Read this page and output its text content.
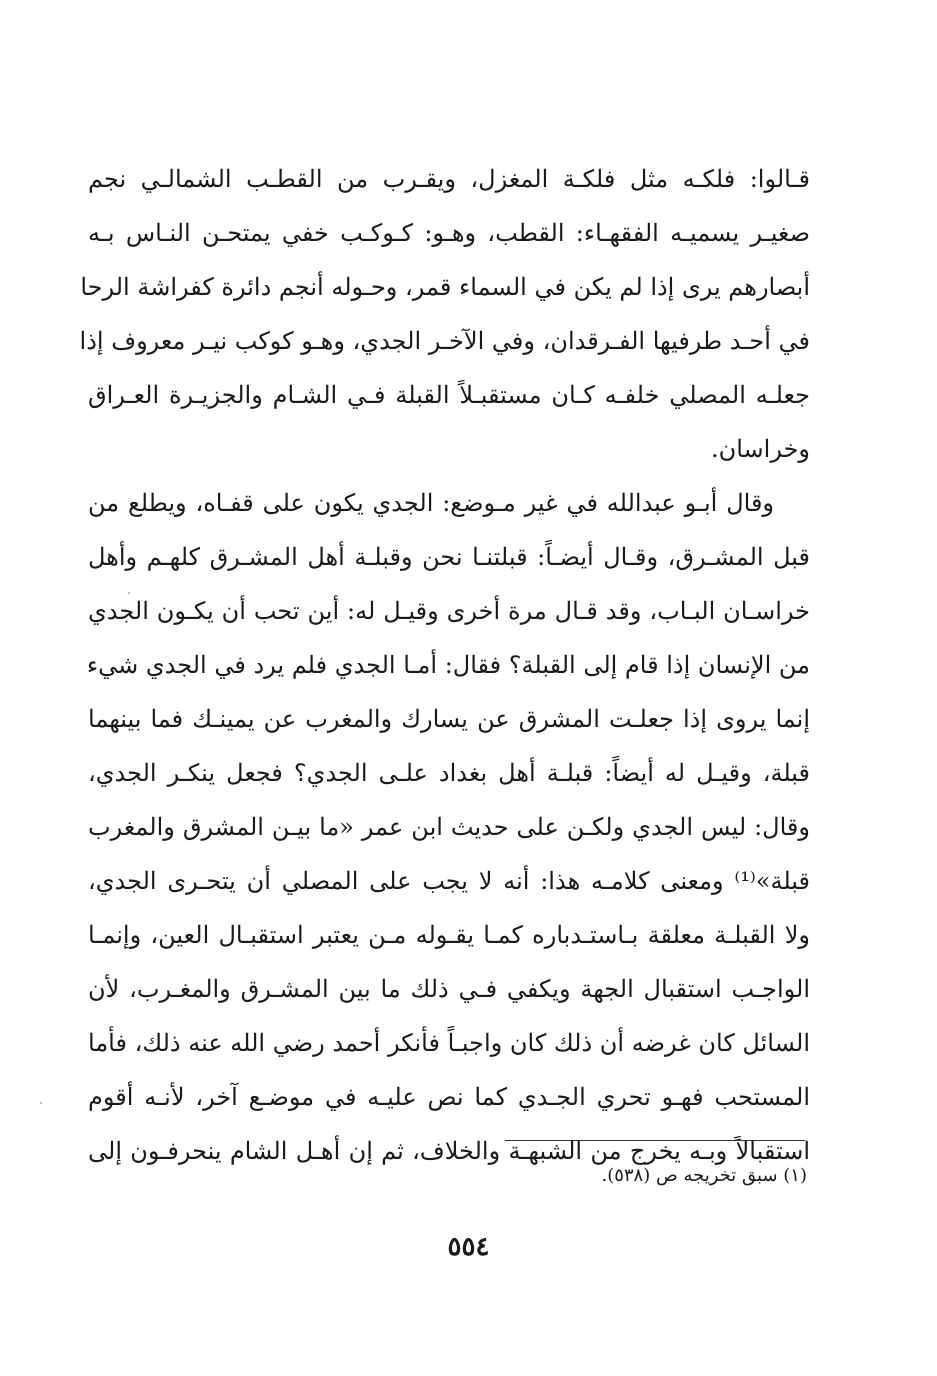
قـالوا: فلكـه مثل فلكـة المغزل، ويقـرب من القطـب الشمالـي نجم
صغيـر يسميـه الفقهـاء: القطب، وهـو: كـوكـب خفي يمتحـن النـاس بـه
أبصارهم يرى إذا لم يكن في السماء قمر، وحـوله أنجم دائرة كفراشة الرحا
في أحـد طرفيها الفـرقدان، وفي الآخـر الجدي، وهـو كوكب نيـر معروف إذا
جعلـه المصلي خلفـه كـان مستقبـلاً القبلة فـي الشـام والجزيـرة العـراق
وخراسان.
وقال أبـو عبدالله في غير مـوضع: الجدي يكون على قفـاه، ويطلع من
قبل المشـرق، وقـال أيضـاً: قبلتنـا نحن وقبلـة أهل المشـرق كلهـم وأهل
خراسـان البـاب، وقد قـال مرة أخرى وقيـل له: أين تحب أن يكـون الجدي
من الإنسان إذا قام إلى القبلة؟ فقال: أمـا الجدي فلم يرد في الجدي شيء
إنما يروى إذا جعلـت المشرق عن يسارك والمغرب عن يمينـك فما بينهما
قبلة، وقيـل له أيضاً: قبلـة أهل بغداد علـى الجدي؟ فجعل ينكـر الجدي،
وقال: ليس الجدي ولكـن على حديث ابن عمر «ما بيـن المشرق والمغرب
قبلة»⁽¹⁾ ومعنى كلامـه هذا: أنه لا يجب على المصلي أن يتحـرى الجدي،
ولا القبلـة معلقة بـاستـدباره كمـا يقـوله مـن يعتبر استقبـال العين، وإنمـا
الواجـب استقبال الجهة ويكفي فـي ذلك ما بين المشـرق والمغـرب، لأن
السائل كان غرضه أن ذلك كان واجبـاً فأنكر أحمد رضي الله عنه ذلك، فأما
المستحب فهـو تحري الجـدي كما نص عليـه في موضـع آخر، لأنـه أقوم
استقبالاً وبـه يخرج من الشبهـة والخلاف، ثم إن أهـل الشام ينحرفـون إلى
(١) سبق تخريجه ص (٥٣٨).
٥٥٤
